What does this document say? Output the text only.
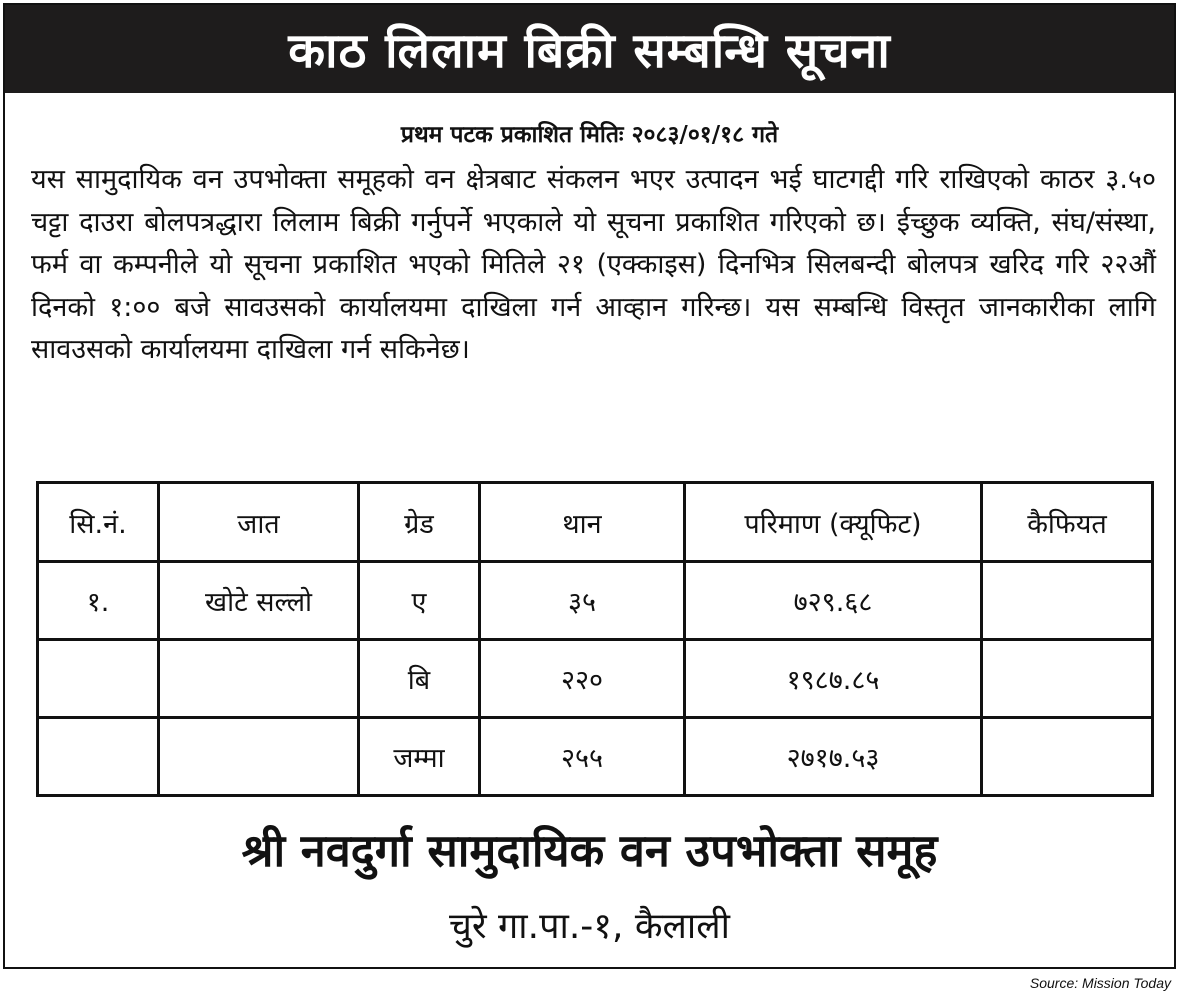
काठ लिलाम बिक्री सम्बन्धि सूचना
प्रथम पटक प्रकाशित मितिः २०८३/०१/१८ गते
यस सामुदायिक वन उपभोक्ता समूहको वन क्षेत्रबाट संकलन भएर उत्पादन भई घाटगद्दी गरि राखिएको काठर ३.५० चट्टा दाउरा बोलपत्रद्धारा लिलाम बिक्री गर्नुपर्ने भएकाले यो सूचना प्रकाशित गरिएको छ। ईच्छुक व्यक्ति, संघ/संस्था, फर्म वा कम्पनीले यो सूचना प्रकाशित भएको मितिले २१ (एक्काइस) दिनभित्र सिलबन्दी बोलपत्र खरिद गरि २२औं दिनको १:०० बजे सावउसको कार्यालयमा दाखिला गर्न आव्हान गरिन्छ। यस सम्बन्धि विस्तृत जानकारीका लागि सावउसको कार्यालयमा दाखिला गर्न सकिनेछ।
सि.नं.	जात	ग्रेड	थान	परिमाण (क्यूफिट)	कैफियत
१.	खोटे सल्लो	ए	३५	७२९.६८	
		बि	२२०	१९८७.८५	
		जम्मा	२५५	२७१७.५३	
श्री नवदुर्गा सामुदायिक वन उपभोक्ता समूह
चुरे गा.पा.-१, कैलाली
Source: Mission Today
